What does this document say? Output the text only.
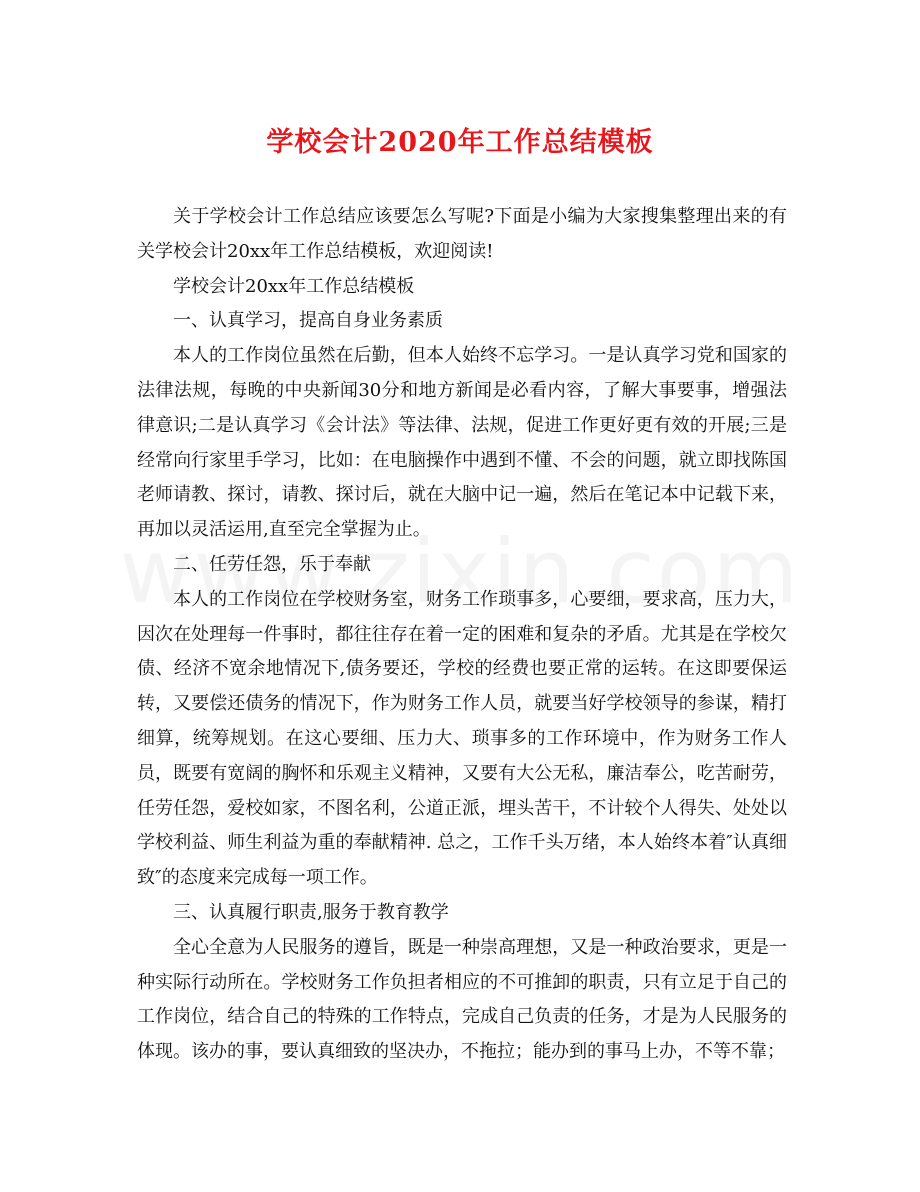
学校会计2020年工作总结模板

关于学校会计工作总结应该要怎么写呢?下面是小编为大家搜集整理出来的有关学校会计20xx年工作总结模板，欢迎阅读!

学校会计20xx年工作总结模板

一、认真学习，提高自身业务素质

本人的工作岗位虽然在后勤，但本人始终不忘学习。一是认真学习党和国家的法律法规，每晚的中央新闻30分和地方新闻是必看内容，了解大事要事，增强法律意识;二是认真学习《会计法》等法律、法规，促进工作更好更有效的开展;三是经常向行家里手学习，比如：在电脑操作中遇到不懂、不会的问题，就立即找陈国老师请教、探讨，请教、探讨后，就在大脑中记一遍，然后在笔记本中记载下来，再加以灵活运用,直至完全掌握为止。

二、任劳任怨，乐于奉献

本人的工作岗位在学校财务室，财务工作琐事多，心要细，要求高，压力大，因次在处理每一件事时，都往往存在着一定的困难和复杂的矛盾。尤其是在学校欠债、经济不宽余地情况下,债务要还，学校的经费也要正常的运转。在这即要保运转，又要偿还债务的情况下，作为财务工作人员，就要当好学校领导的参谋，精打细算，统筹规划。在这心要细、压力大、琐事多的工作环境中，作为财务工作人员，既要有宽阔的胸怀和乐观主义精神，又要有大公无私，廉洁奉公，吃苦耐劳，任劳任怨，爱校如家，不图名利，公道正派，埋头苦干，不计较个人得失、处处以学校利益、师生利益为重的奉献精神. 总之，工作千头万绪，本人始终本着″认真细致″的态度来完成每一项工作。

三、认真履行职责,服务于教育教学

全心全意为人民服务的遵旨，既是一种崇高理想，又是一种政治要求，更是一种实际行动所在。学校财务工作负担者相应的不可推卸的职责，只有立足于自己的工作岗位，结合自己的特殊的工作特点，完成自己负责的任务，才是为人民服务的体现。该办的事，要认真细致的坚决办，不拖拉；能办到的事马上办，不等不靠；
